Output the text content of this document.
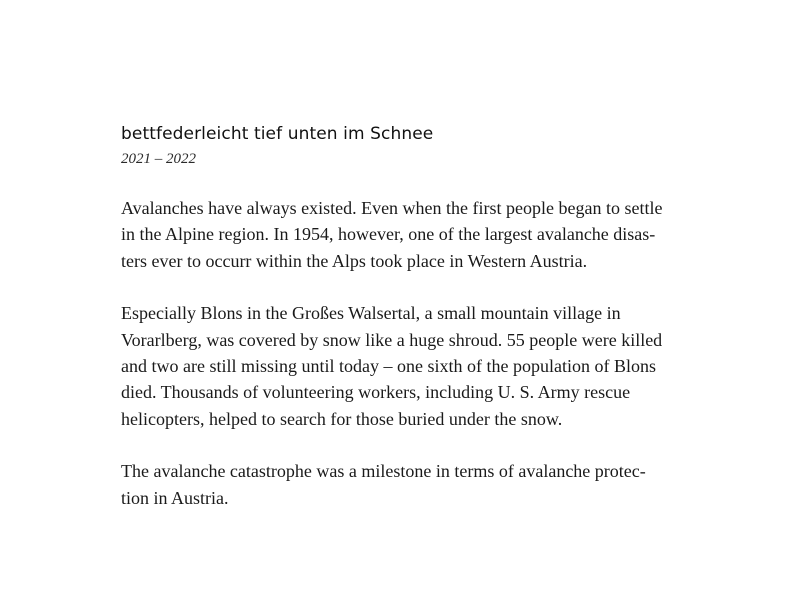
bettfederleicht tief unten im Schnee
2021 – 2022
Avalanches have always existed. Even when the first people began to settle
in the Alpine region. In 1954, however, one of the largest avalanche disas-
ters ever to occurr within the Alps took place in Western Austria.
Especially Blons in the Großes Walsertal, a small mountain village in
Vorarlberg, was covered by snow like a huge shroud. 55 people were killed
and two are still missing until today – one sixth of the population of Blons
died. Thousands of volunteering workers, including U. S. Army rescue
helicopters, helped to search for those buried under the snow.
The avalanche catastrophe was a milestone in terms of avalanche protec-
tion in Austria.
